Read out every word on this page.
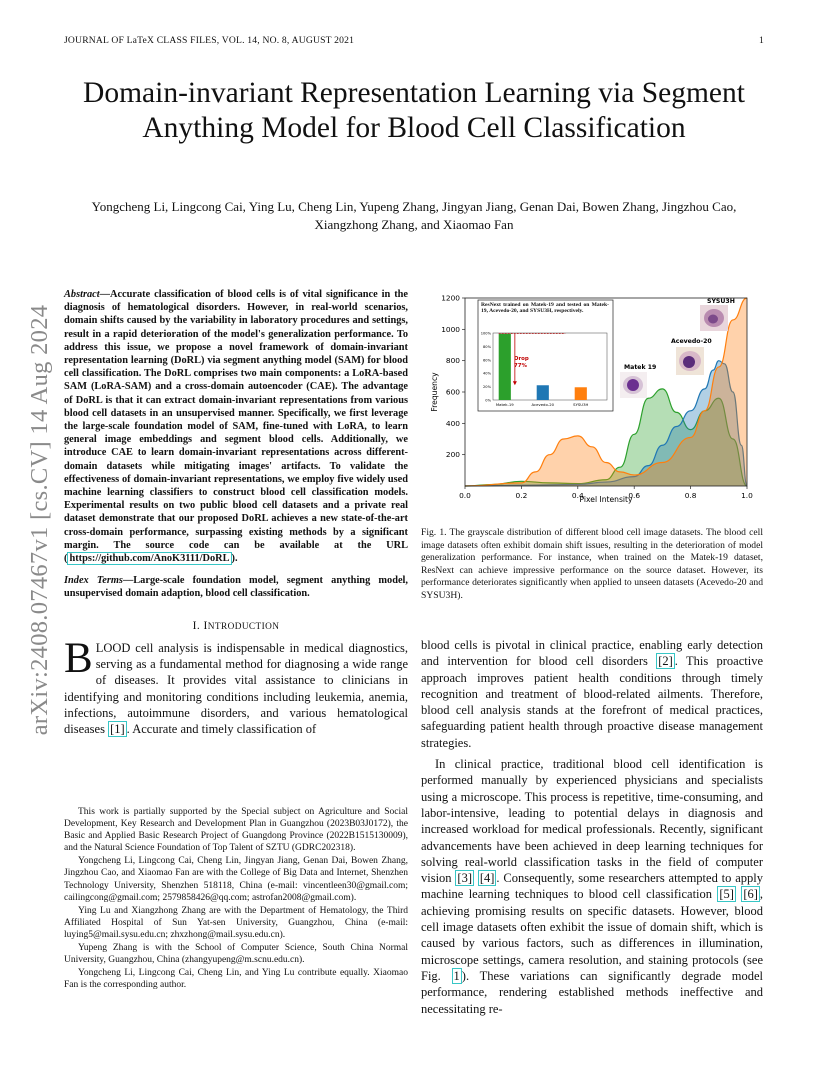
JOURNAL OF LaTeX CLASS FILES, VOL. 14, NO. 8, AUGUST 2021	1
arXiv:2408.07467v1 [cs.CV] 14 Aug 2024
Domain-invariant Representation Learning via Segment Anything Model for Blood Cell Classification
Yongcheng Li, Lingcong Cai, Ying Lu, Cheng Lin, Yupeng Zhang, Jingyan Jiang, Genan Dai, Bowen Zhang, Jingzhou Cao, Xiangzhong Zhang, and Xiaomao Fan

Abstract—Accurate classification of blood cells is of vital significance in the diagnosis of hematological disorders. However, in real-world scenarios, domain shifts caused by the variability in laboratory procedures and settings, result in a rapid deterioration of the model's generalization performance. To address this issue, we propose a novel framework of domain-invariant representation learning (DoRL) via segment anything model (SAM) for blood cell classification. The DoRL comprises two main components: a LoRA-based SAM (LoRA-SAM) and a cross-domain autoencoder (CAE). The advantage of DoRL is that it can extract domain-invariant representations from various blood cell datasets in an unsupervised manner. Specifically, we first leverage the large-scale foundation model of SAM, fine-tuned with LoRA, to learn general image embeddings and segment blood cells. Additionally, we introduce CAE to learn domain-invariant representations across different-domain datasets while mitigating images' artifacts. To validate the effectiveness of domain-invariant representations, we employ five widely used machine learning classifiers to construct blood cell classification models. Experimental results on two public blood cell datasets and a private real dataset demonstrate that our proposed DoRL achieves a new state-of-the-art cross-domain performance, surpassing existing methods by a significant margin. The source code can be available at the URL ( https://github.com/AnoK3111/DoRL ).

Index Terms—Large-scale foundation model, segment anything model, unsupervised domain adaption, blood cell classification.

I. INTRODUCTION

BLOOD cell analysis is indispensable in medical diagnostics, serving as a fundamental method for diagnosing a wide range of diseases. It provides vital assistance to clinicians in identifying and monitoring conditions including leukemia, anemia, infections, autoimmune disorders, and various hematological diseases [1] . Accurate and timely classification of

This work is partially supported by the Special subject on Agriculture and Social Development, Key Research and Development Plan in Guangzhou (2023B03J0172), the Basic and Applied Basic Research Project of Guangdong Province (2022B1515130009), and the Natural Science Foundation of Top Talent of SZTU (GDRC202318).

Yongcheng Li, Lingcong Cai, Cheng Lin, Jingyan Jiang, Genan Dai, Bowen Zhang, Jingzhou Cao, and Xiaomao Fan are with the College of Big Data and Internet, Shenzhen Technology University, Shenzhen 518118, China (e-mail: vincentleen30@gmail.com; cailingcong@gmail.com; 2579858426@qq.com; astrofan2008@gmail.com).

Ying Lu and Xiangzhong Zhang are with the Department of Hematology, the Third Affiliated Hospital of Sun Yat-sen University, Guangzhou, China (e-mail: luying5@mail.sysu.edu.cn; zhxzhong@mail.sysu.edu.cn).

Yupeng Zhang is with the School of Computer Science, South China Normal University, Guangzhou, China (zhangyupeng@m.scnu.edu.cn).

Yongcheng Li, Lingcong Cai, Cheng Lin, and Ying Lu contribute equally. Xiaomao Fan is the corresponding author.

0.0	0.2	0.4	0.6	0.8	1.0
200
400
600
800
1000
1200
Pixel Intensity
Frequency
SYSU3H
Acevedo-20
Matek 19
ResNext trained on Matek-19 and tested on Matek-19, Acevedo-20, and SYSU3H, respectively.
0%
20%
40%
60%
80%
100%
Matek-19	Acevedo-20	SYSU3H
Drop
77%
Fig. 1. The grayscale distribution of different blood cell image datasets. The blood cell image datasets often exhibit domain shift issues, resulting in the deterioration of model generalization performance. For instance, when trained on the Matek-19 dataset, ResNext can achieve impressive performance on the source dataset. However, its performance deteriorates significantly when applied to unseen datasets (Acevedo-20 and SYSU3H).

blood cells is pivotal in clinical practice, enabling early detection and intervention for blood cell disorders [2] . This proactive approach improves patient health conditions through timely recognition and treatment of blood-related ailments. Therefore, blood cell analysis stands at the forefront of medical practices, safeguarding patient health through proactive disease management strategies.

In clinical practice, traditional blood cell identification is performed manually by experienced physicians and specialists using a microscope. This process is repetitive, time-consuming, and labor-intensive, leading to potential delays in diagnosis and increased workload for medical professionals. Recently, significant advancements have been achieved in deep learning techniques for solving real-world classification tasks in the field of computer vision [3] [4] . Consequently, some researchers attempted to apply machine learning techniques to blood cell classification [5] [6] , achieving promising results on specific datasets. However, blood cell image datasets often exhibit the issue of domain shift, which is caused by various factors, such as differences in illumination, microscope settings, camera resolution, and staining protocols (see Fig. 1 ). These variations can significantly degrade model performance, rendering established methods ineffective and necessitating re-
